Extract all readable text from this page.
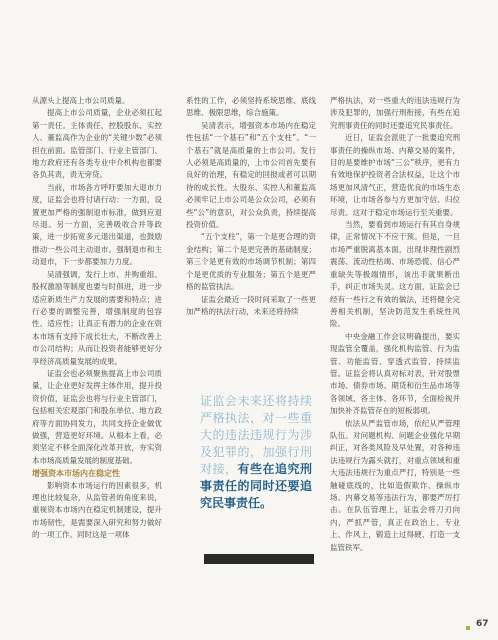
从源头上提高上市公司质量。

提高上市公司质量，企业必须扛起第一责任。主体责任，控股股东、实控人、董监高作为企业的“关键少数”必须担在前面。监管部门、行业主管部门、地方政府还有各类专业中介机构也都要各负其责，责无旁贷。

当前，市场各方呼吁要加大退市力度，证监会也将付诸行动：一方面，设置更加严格的强制退市标准，做到应退尽退。另一方面，完善吸收合并等政策，进一步拓宽多元退出渠道，也鼓励推动一些公司主动退市。强制退市和主动退市，下一步都要加力力度。

吴清强调，发行上市、并购重组、股权激励等制度也要与时俱进，进一步适应新质生产力发展的需要和特点；进行必要的调整完善，增强制度的包容性、适应性；让真正有潜力的企业在资本市场有支持下成长壮大，不断改善上市公司结构；从而让投资者能够更好分享经济高质量发展的成果。

证监会也必须聚焦提高上市公司质量，让企业更好发挥主体作用，提升投资价值，证监会也将与行业主管部门，包括相关宏观部门和股东单位、地方政府等方面协同发力，共同支持企业做优做强，营造更好环境。从根本上看，必须坚定不移全面深化改革开放，夯实资本市场高质量发展的制度基础。

增强资本市场内在稳定性

影响资本市场运行的因素很多，机理也比较复杂，从监管者的角度来说，重视资本市场内在稳定机制建设，提升市场韧性，是需要深入研究和努力做好的一项工作。同时这是一项体

系性的工作，必须坚持系统思维、底线思维、极限思维，综合施策。

吴清表示，增强资本市场内在稳定性包括“一个基石”和“五个支柱”。“一个基石”就是高质量的上市公司。发行人必须是高质量的，上市公司首先要有良好的治理，有稳定的回报或者可以期待的成长性。大股东、实控人和董监高必须牢记上市公司是公众公司，必须有些“公”的意识，对公众负责，持续提高投资价值。

“五个支柱”，第一个是更合理的资金结构；第二个是更完善的基础制度；第三个是更有效的市场调节机制；第四个是更优质的专业服务；第五个是更严格的监管执法。

证监会最近一段时间采取了一些更加严格的执法行动，未来还将持续

证监会未来还将持续严格执法，对一些重大的违法违规行为涉及犯罪的，加强行刑对接，有些在追究刑事责任的同时还要追究民事责任。

严格执法，对一些重大的违法违规行为涉及犯罪的，加强行刑衔接，有些在追究刑事责任的同时还要追究民事责任。

近日，证监会派驻了一批要追究刑事责任的操纵市场、内幕交易的案件，目的是要维护市场“三公”秩序，更有力有效地保护投资者合法权益，让这个市场更加风清气正，营造优良的市场生态环境，让市场各参与方更加守信、归位尽责。这对于稳定市场运行至关重要。

当然，要看到市场运行有其自身规律，正常情况下不应干预。但是，一旦市场严重脱离基本面，出现非理性剧烈震荡、流动性枯竭、市场恐慌、信心严重缺失等极端情形，该出手就果断出手，纠正市场失灵。这方面，证监会已经有一些行之有效的做法，还将健全完善相关机制，坚决防范发生系统性风险。

中央金融工作会议明确提出，要实现监管全覆盖，强化机构监管、行为监管、功能监管、穿透式监管、持续监管。证监会将认真对标对表，针对股票市场、债券市场、期货和衍生品市场等各领域、各主体、各环节，全面检视并加快补齐监管存在的短板弱项。

依法从严监管市场，依纪从严管理队伍。对问题机构、问题企业强化早期纠正，对各类风险及早处置，对各种违法违规行为露头就打，对重点领域和重大违法违规行为重点严打，特别是一些触碰底线的，比如造假欺诈、操纵市场、内幕交易等违法行为，都要严厉打击。在队伍管理上，证监会将刀刃向内，严抓严管，真正在政治上、专业上、作风上，锻造上过得硬、打造一支监管铁军。

67
